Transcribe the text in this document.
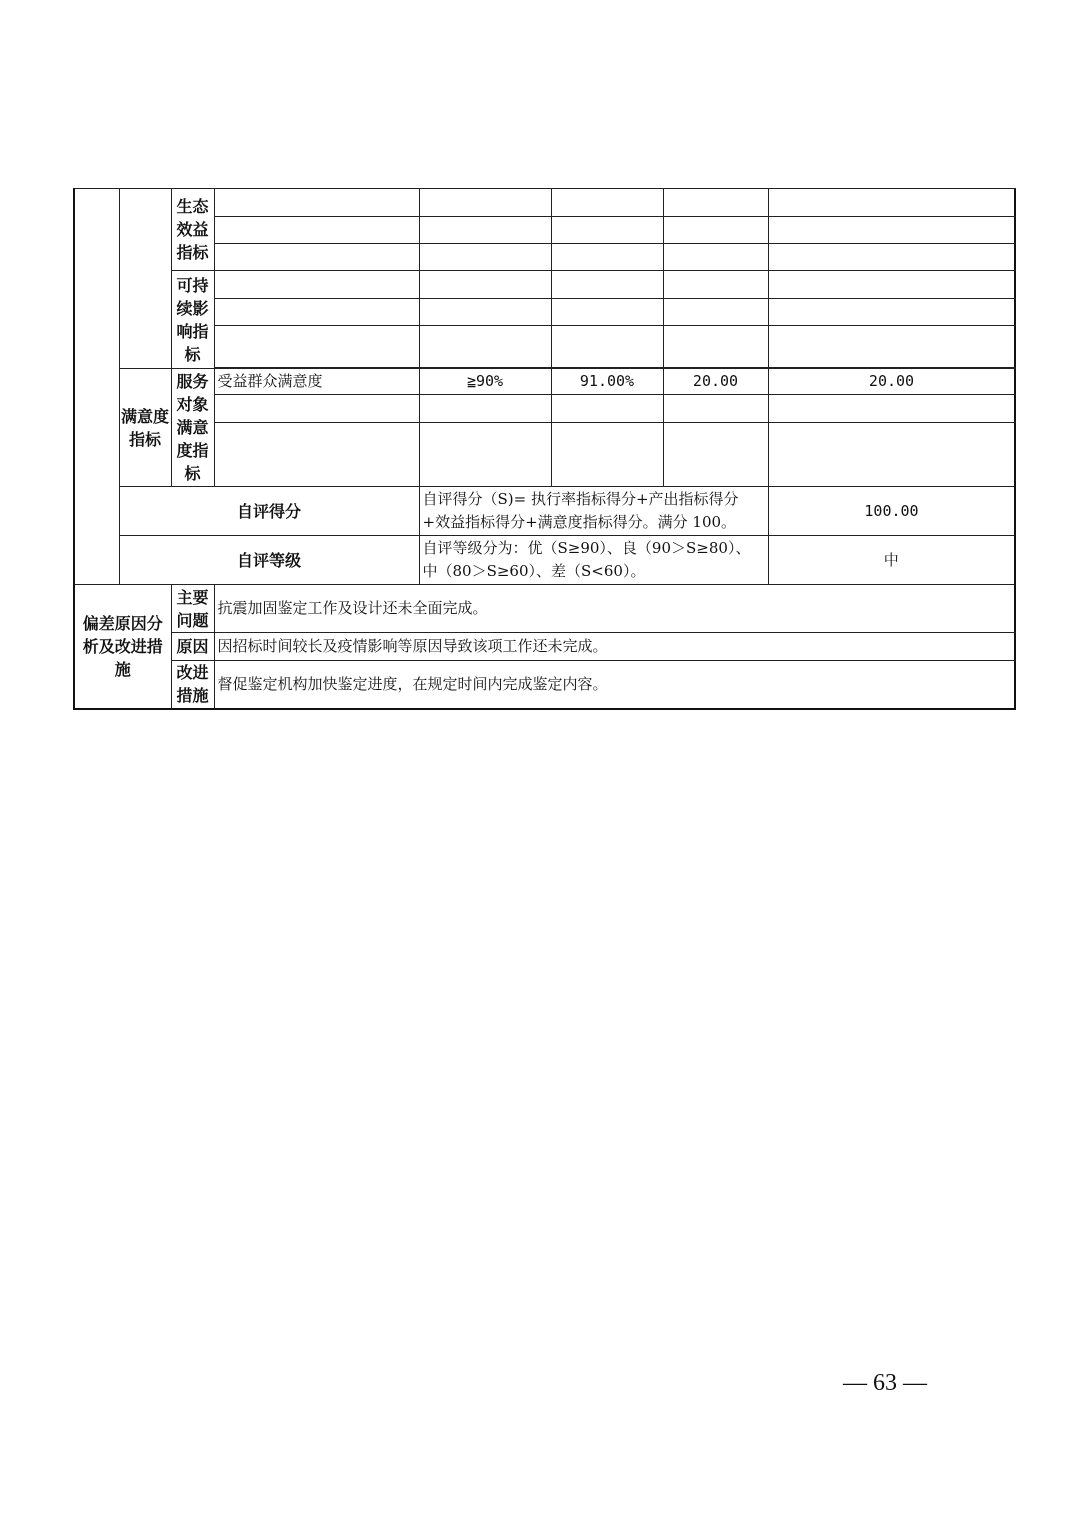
		生态效益指标						

		可持续影响指标						

	满意度指标	服务对象满意度指标	受益群众满意度	≧90%	91.00%	20.00	20.00	

	自评得分			自评得分（S)= 执行率指标得分+产出指标得分+效益指标得分+满意度指标得分。满分 100。			100.00	
	自评等级			自评等级分为：优（S≥90）、良（90＞S≥80）、中（80＞S≥60）、差（S<60）。			中	
偏差原因分析及改进措施		主要问题	抗震加固鉴定工作及设计还未全面完成。					
		原因	因招标时间较长及疫情影响等原因导致该项工作还未完成。					
		改进措施	督促鉴定机构加快鉴定进度，在规定时间内完成鉴定内容。					
— 63 —
